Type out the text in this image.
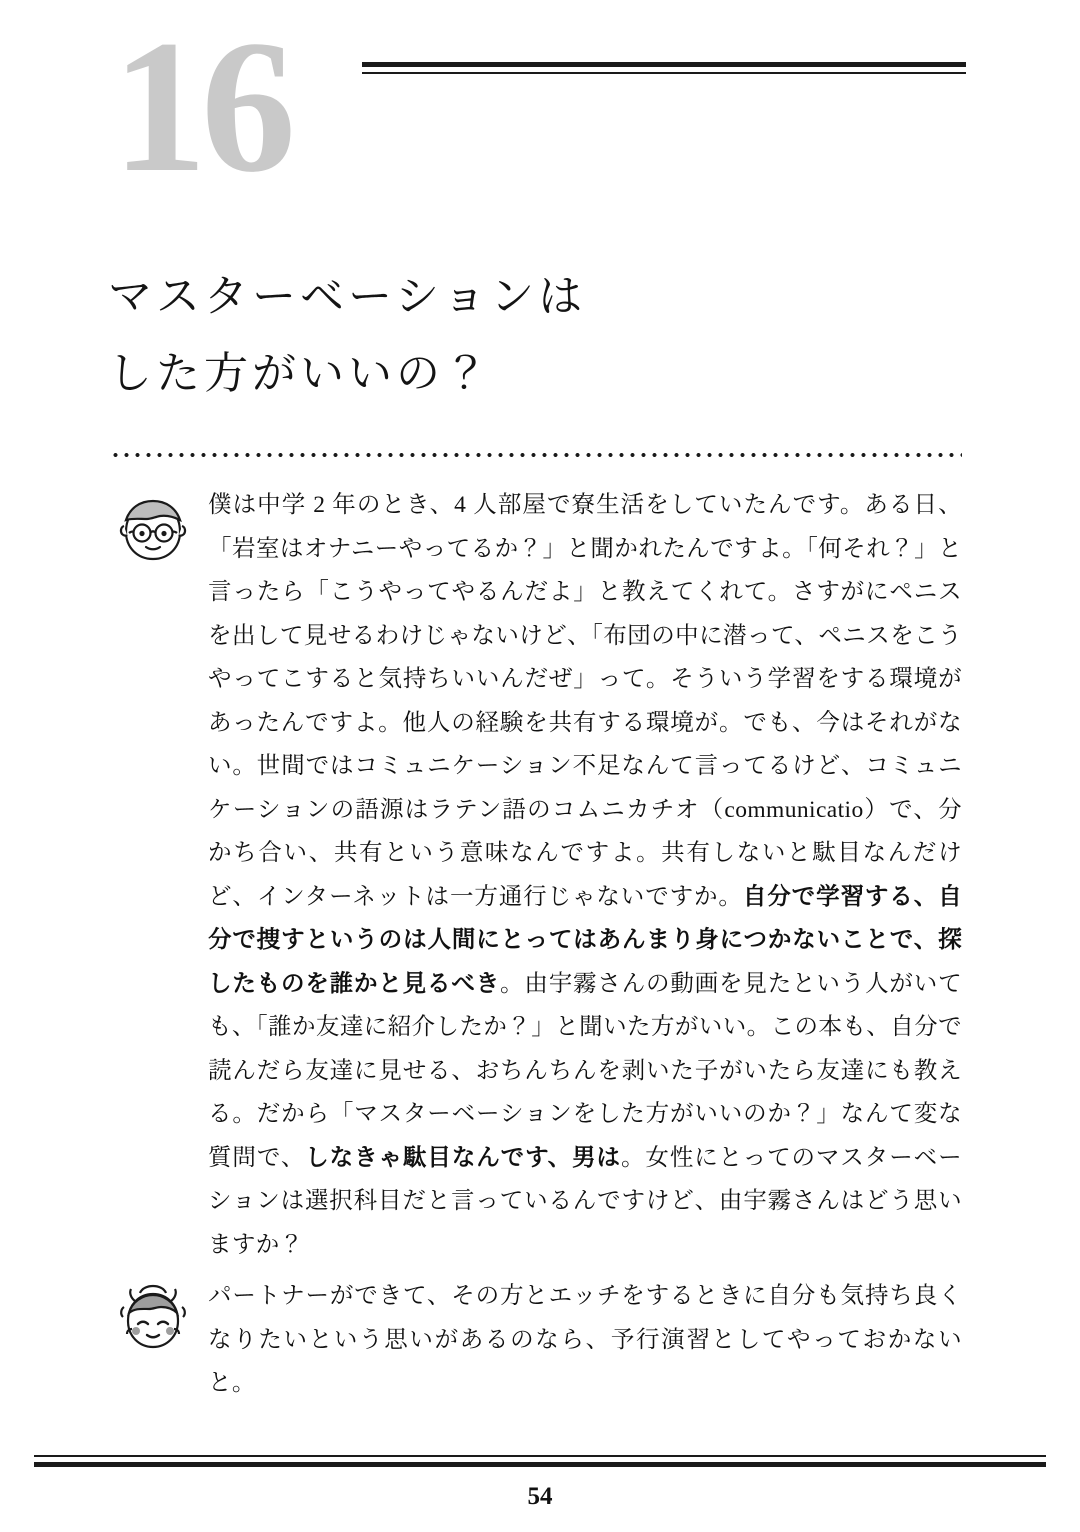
16
マスターベーションは
した方がいいの？
僕は中学 2 年のとき、4 人部屋で寮生活をしていたんです。ある日、「岩室はオナニーやってるか？」と聞かれたんですよ。「何それ？」と言ったら「こうやってやるんだよ」と教えてくれて。さすがにペニスを出して見せるわけじゃないけど、「布団の中に潜って、ペニスをこうやってこすると気持ちいいんだぜ」って。そういう学習をする環境があったんですよ。他人の経験を共有する環境が。でも、今はそれがない。世間ではコミュニケーション不足なんて言ってるけど、コミュニケーションの語源はラテン語のコムニカチオ（communicatio）で、分かち合い、共有という意味なんですよ。共有しないと駄目なんだけど、インターネットは一方通行じゃないですか。自分で学習する、自分で捜すというのは人間にとってはあんまり身につかないことで、探したものを誰かと見るべき。由宇霧さんの動画を見たという人がいても、「誰か友達に紹介したか？」と聞いた方がいい。この本も、自分で読んだら友達に見せる、おちんちんを剥いた子がいたら友達にも教える。だから「マスターベーションをした方がいいのか？」なんて変な質問で、しなきゃ駄目なんです、男は。女性にとってのマスターベーションは選択科目だと言っているんですけど、由宇霧さんはどう思いますか？
パートナーができて、その方とエッチをするときに自分も気持ち良くなりたいという思いがあるのなら、予行演習としてやっておかないと。
54
